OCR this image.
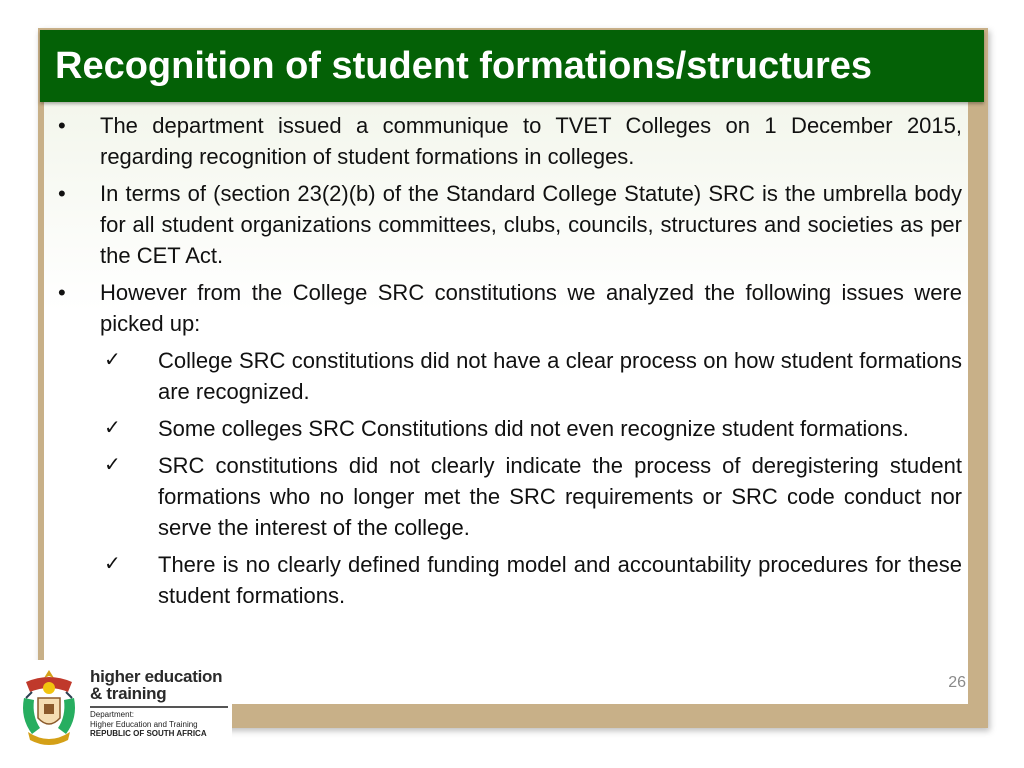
Recognition of student formations/structures
• The department issued a communique to TVET Colleges on 1 December 2015, regarding recognition of student formations in colleges.
• In terms of (section 23(2)(b) of the Standard College Statute) SRC is the umbrella body for all student organizations committees, clubs, councils, structures and societies as per the CET Act.
• However from the College SRC constitutions we analyzed the following issues were picked up:
✓ College SRC constitutions did not have a clear process on how student formations are recognized.
✓ Some colleges SRC Constitutions did not even recognize student formations.
✓ SRC constitutions did not clearly indicate the process of deregistering student formations who no longer met the SRC requirements or SRC code conduct nor serve the interest of the college.
✓ There is no clearly defined funding model and accountability procedures for these student formations.
26
higher education
& training
Department:
Higher Education and Training
REPUBLIC OF SOUTH AFRICA
